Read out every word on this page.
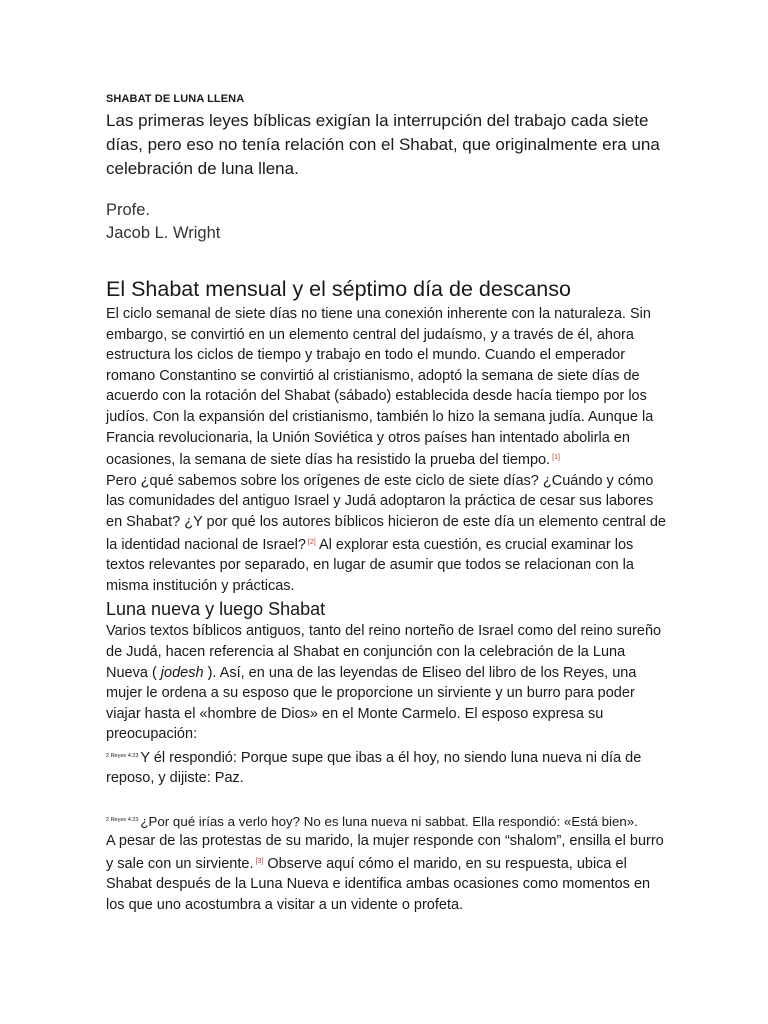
SHABAT DE LUNA LLENA

Las primeras leyes bíblicas exigían la interrupción del trabajo cada siete días, pero eso no tenía relación con el Shabat, que originalmente era una celebración de luna llena.

Profe.
Jacob L. Wright
El Shabat mensual y el séptimo día de descanso

El ciclo semanal de siete días no tiene una conexión inherente con la naturaleza. Sin embargo, se convirtió en un elemento central del judaísmo, y a través de él, ahora estructura los ciclos de tiempo y trabajo en todo el mundo. Cuando el emperador romano Constantino se convirtió al cristianismo, adoptó la semana de siete días de acuerdo con la rotación del Shabat (sábado) establecida desde hacía tiempo por los judíos. Con la expansión del cristianismo, también lo hizo la semana judía. Aunque la Francia revolucionaria, la Unión Soviética y otros países han intentado abolirla en ocasiones, la semana de siete días ha resistido la prueba del tiempo. [1]

Pero ¿qué sabemos sobre los orígenes de este ciclo de siete días? ¿Cuándo y cómo las comunidades del antiguo Israel y Judá adoptaron la práctica de cesar sus labores en Shabat? ¿Y por qué los autores bíblicos hicieron de este día un elemento central de la identidad nacional de Israel? [2] Al explorar esta cuestión, es crucial examinar los textos relevantes por separado, en lugar de asumir que todos se relacionan con la misma institución y prácticas.

Luna nueva y luego Shabat

Varios textos bíblicos antiguos, tanto del reino norteño de Israel como del reino sureño de Judá, hacen referencia al Shabat en conjunción con la celebración de la Luna Nueva ( jodesh ). Así, en una de las leyendas de Eliseo del libro de los Reyes, una mujer le ordena a su esposo que le proporcione un sirviente y un burro para poder viajar hasta el «hombre de Dios» en el Monte Carmelo. El esposo expresa su preocupación:

$^{2 Reyes 4:23}$ Y él respondió: Porque supe que ibas a él hoy, no siendo luna nueva ni día de reposo, y dijiste: Paz.

$^{2 Reyes 4:23}$ ¿Por qué irías a verlo hoy? No es luna nueva ni sabbat. Ella respondió: «Está bien».

A pesar de las protestas de su marido, la mujer responde con “shalom”, ensilla el burro y sale con un sirviente. [3] Observe aquí cómo el marido, en su respuesta, ubica el Shabat después de la Luna Nueva e identifica ambas ocasiones como momentos en los que uno acostumbra a visitar a un vidente o profeta.
